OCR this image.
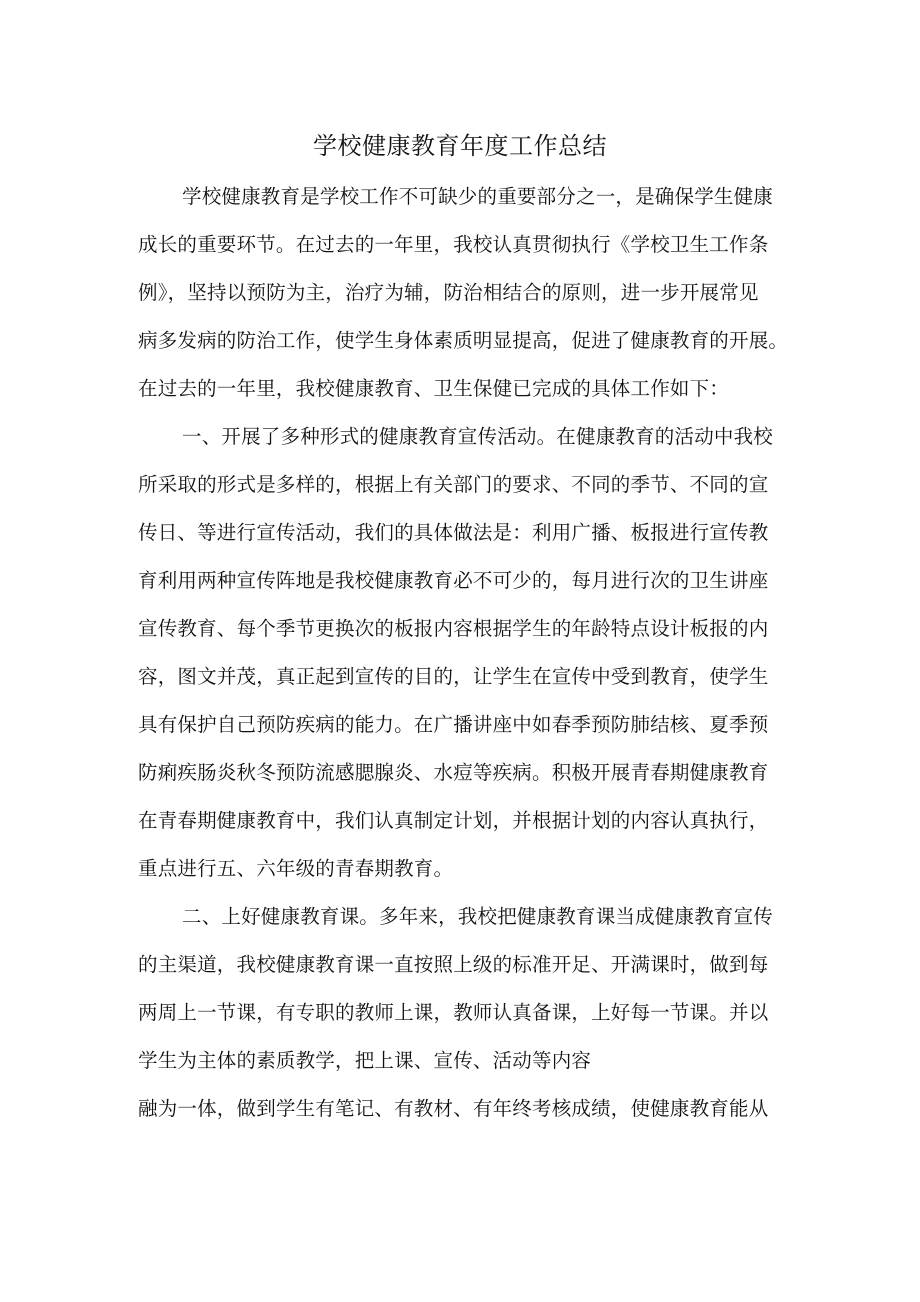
学校健康教育年度工作总结
学校健康教育是学校工作不可缺少的重要部分之一，是确保学生健康
成长的重要环节。在过去的一年里，我校认真贯彻执行《学校卫生工作条
例》，坚持以预防为主，治疗为辅，防治相结合的原则，进一步开展常见
病多发病的防治工作，使学生身体素质明显提高，促进了健康教育的开展。
在过去的一年里，我校健康教育、卫生保健已完成的具体工作如下：
一、开展了多种形式的健康教育宣传活动。在健康教育的活动中我校
所采取的形式是多样的，根据上有关部门的要求、不同的季节、不同的宣
传日、等进行宣传活动，我们的具体做法是：利用广播、板报进行宣传教
育利用两种宣传阵地是我校健康教育必不可少的，每月进行次的卫生讲座
宣传教育、每个季节更换次的板报内容根据学生的年龄特点设计板报的内
容，图文并茂，真正起到宣传的目的，让学生在宣传中受到教育，使学生
具有保护自己预防疾病的能力。在广播讲座中如春季预防肺结核、夏季预
防痢疾肠炎秋冬预防流感腮腺炎、水痘等疾病。积极开展青春期健康教育
在青春期健康教育中，我们认真制定计划，并根据计划的内容认真执行，
重点进行五、六年级的青春期教育。
二、上好健康教育课。多年来，我校把健康教育课当成健康教育宣传
的主渠道，我校健康教育课一直按照上级的标准开足、开满课时，做到每
两周上一节课，有专职的教师上课，教师认真备课，上好每一节课。并以
学生为主体的素质教学，把上课、宣传、活动等内容
融为一体，做到学生有笔记、有教材、有年终考核成绩，使健康教育能从
